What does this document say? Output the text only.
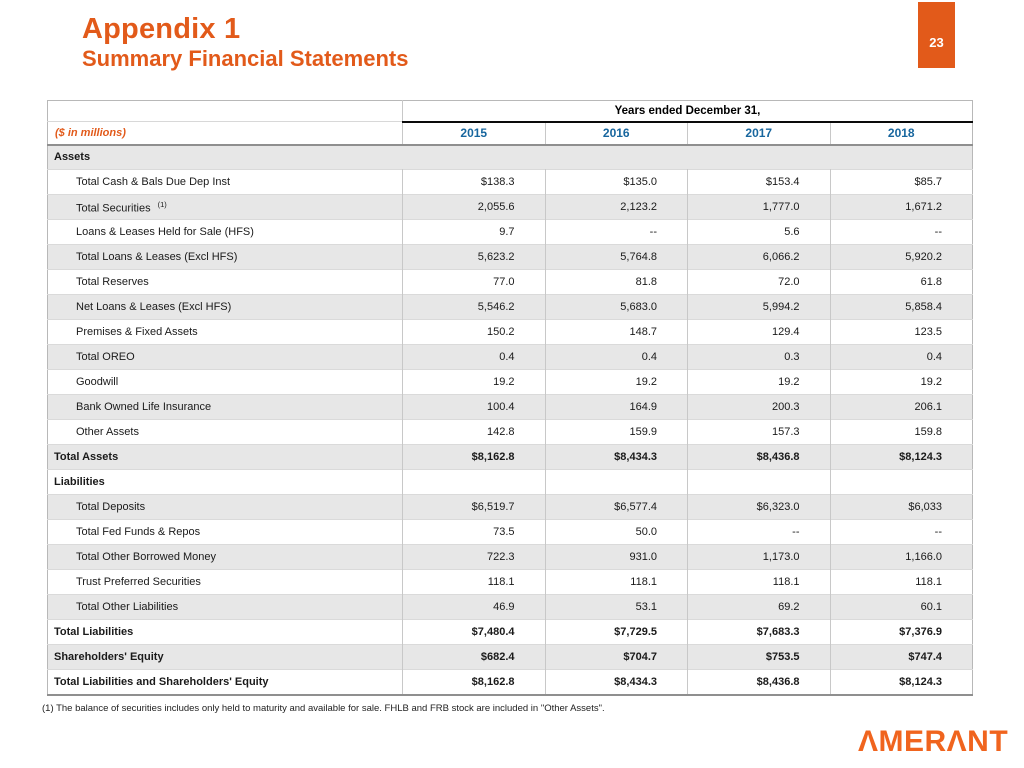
Appendix 1
Summary Financial Statements
23
	Years ended December 31,			
($ in millions)	2015	2016	2017	2018
Assets				
Total Cash & Bals Due Dep Inst	$138.3	$135.0	$153.4	$85.7
Total Securities $^{(1)}$	2,055.6	2,123.2	1,777.0	1,671.2
Loans & Leases Held for Sale (HFS)	9.7	--	5.6	--
Total Loans & Leases (Excl HFS)	5,623.2	5,764.8	6,066.2	5,920.2
Total Reserves	77.0	81.8	72.0	61.8
Net Loans & Leases (Excl HFS)	5,546.2	5,683.0	5,994.2	5,858.4
Premises & Fixed Assets	150.2	148.7	129.4	123.5
Total OREO	0.4	0.4	0.3	0.4
Goodwill	19.2	19.2	19.2	19.2
Bank Owned Life Insurance	100.4	164.9	200.3	206.1
Other Assets	142.8	159.9	157.3	159.8
Total Assets	$8,162.8	$8,434.3	$8,436.8	$8,124.3
Liabilities				
Total Deposits	$6,519.7	$6,577.4	$6,323.0	$6,033
Total Fed Funds & Repos	73.5	50.0	--	--
Total Other Borrowed Money	722.3	931.0	1,173.0	1,166.0
Trust Preferred Securities	118.1	118.1	118.1	118.1
Total Other Liabilities	46.9	53.1	69.2	60.1
Total Liabilities	$7,480.4	$7,729.5	$7,683.3	$7,376.9
Shareholders' Equity	$682.4	$704.7	$753.5	$747.4
Total Liabilities and Shareholders' Equity	$8,162.8	$8,434.3	$8,436.8	$8,124.3
(1) The balance of securities includes only held to maturity and available for sale. FHLB and FRB stock are included in "Other Assets".
ΛMERΛNT
